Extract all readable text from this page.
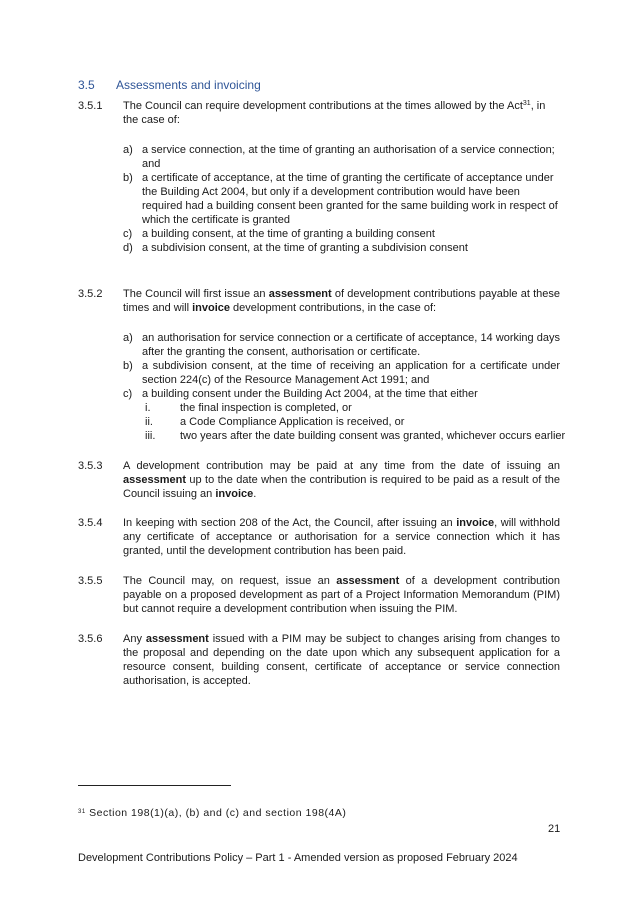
3.5 Assessments and invoicing
3.5.1 The Council can require development contributions at the times allowed by the Act$^{31}$, in the case of:
a) a service connection, at the time of granting an authorisation of a service connection; and
b) a certificate of acceptance, at the time of granting the certificate of acceptance under the Building Act 2004, but only if a development contribution would have been required had a building consent been granted for the same building work in respect of which the certificate is granted
c) a building consent, at the time of granting a building consent
d) a subdivision consent, at the time of granting a subdivision consent
3.5.2 The Council will first issue an assessment of development contributions payable at these times and will invoice development contributions, in the case of:
a) an authorisation for service connection or a certificate of acceptance, 14 working days after the granting the consent, authorisation or certificate.
b) a subdivision consent, at the time of receiving an application for a certificate under section 224(c) of the Resource Management Act 1991; and
c) a building consent under the Building Act 2004, at the time that either
i.	the final inspection is completed, or
ii. a Code Compliance Application is received, or
iii. two years after the date building consent was granted, whichever occurs earlier
3.5.3 A development contribution may be paid at any time from the date of issuing an assessment up to the date when the contribution is required to be paid as a result of the Council issuing an invoice.
3.5.4 In keeping with section 208 of the Act, the Council, after issuing an invoice, will withhold any certificate of acceptance or authorisation for a service connection which it has granted, until the development contribution has been paid.
3.5.5 The Council may, on request, issue an assessment of a development contribution payable on a proposed development as part of a Project Information Memorandum (PIM) but cannot require a development contribution when issuing the PIM.
3.5.6 Any assessment issued with a PIM may be subject to changes arising from changes to the proposal and depending on the date upon which any subsequent application for a resource consent, building consent, certificate of acceptance or service connection authorisation, is accepted.
$^{31}$ Section 198(1)(a), (b) and (c) and section 198(4A)
21
Development Contributions Policy – Part 1 - Amended version as proposed February 2024
